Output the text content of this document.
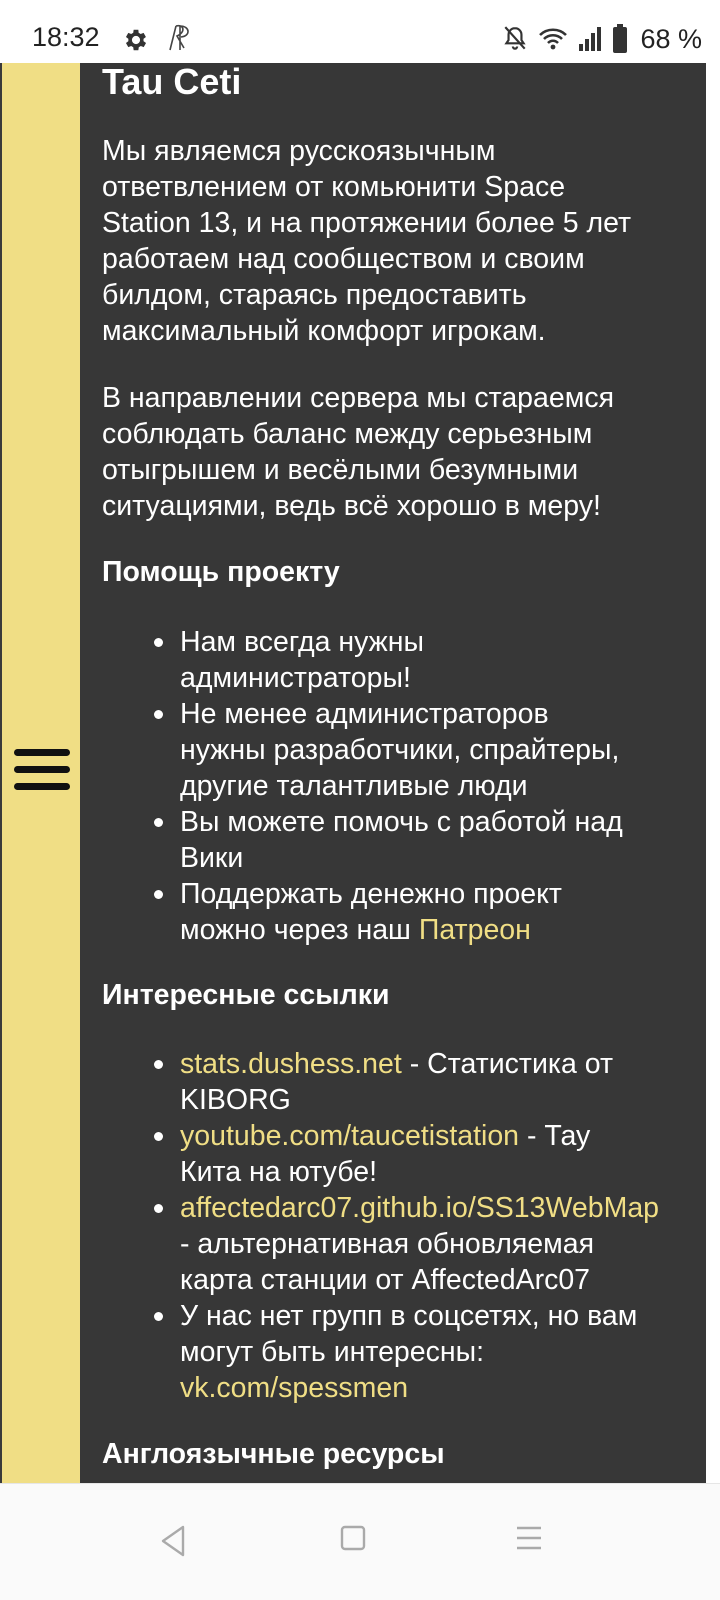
18:32	68 %
Tau Ceti
Мы являемся русскоязычным
ответвлением от комьюнити Space
Station 13, и на протяжении более 5 лет
работаем над сообществом и своим
билдом, стараясь предоставить
максимальный комфорт игрокам.
В направлении сервера мы стараемся
соблюдать баланс между серьезным
отыгрышем и весёлыми безумными
ситуациями, ведь всё хорошо в меру!
Помощь проекту
Нам всегда нужны
администраторы!
Не менее администраторов
нужны разработчики, спрайтеры,
другие талантливые люди
Вы можете помочь с работой над
Вики
Поддержать денежно проект
можно через наш Патреон
Интересные ссылки
stats.dushess.net - Статистика от
KIBORG
youtube.com/taucetistation - Тау
Кита на ютубе!
affectedarc07.github.io/SS13WebMap
- альтернативная обновляемая
карта станции от AffectedArc07
У нас нет групп в соцсетях, но вам
могут быть интересны:
vk.com/spessmen
Англоязычные ресурсы
